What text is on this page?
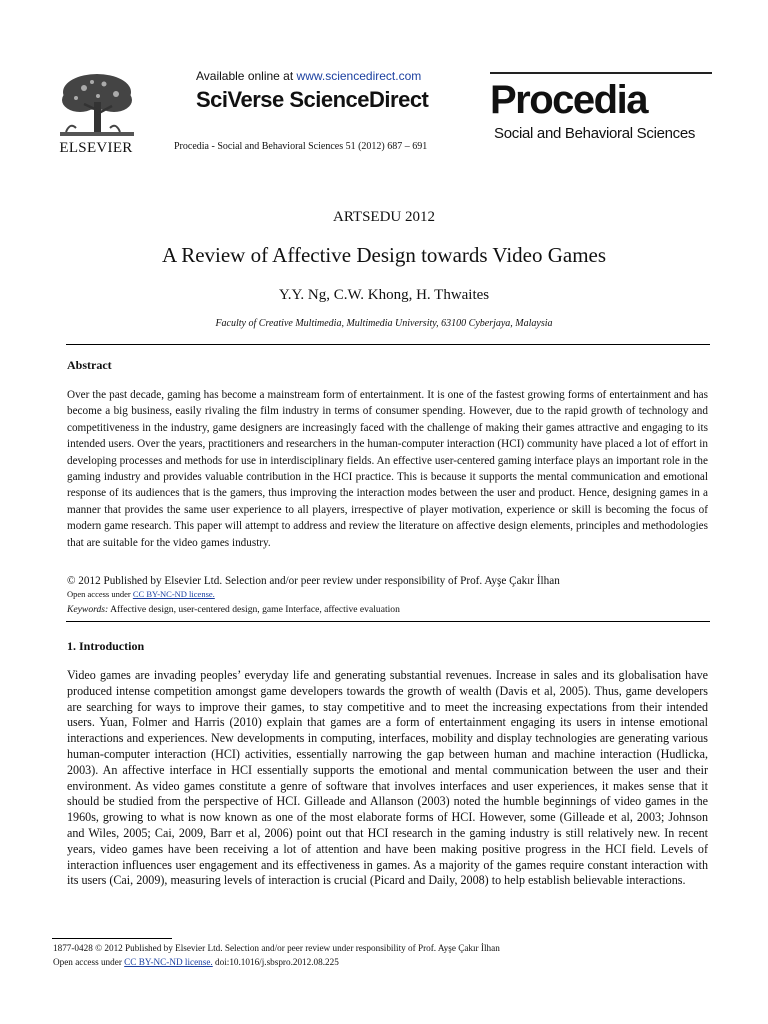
ELSEVIER
Available online at www.sciencedirect.com
SciVerse ScienceDirect
Procedia - Social and Behavioral Sciences 51 (2012) 687 – 691
Procedia
Social and Behavioral Sciences
ARTSEDU 2012
A Review of Affective Design towards Video Games
Y.Y. Ng, C.W. Khong, H. Thwaites
Faculty of Creative Multimedia, Multimedia University, 63100 Cyberjaya, Malaysia
Abstract
Over the past decade, gaming has become a mainstream form of entertainment. It is one of the fastest growing forms of entertainment and has become a big business, easily rivaling the film industry in terms of consumer spending. However, due to the rapid growth of technology and competitiveness in the industry, game designers are increasingly faced with the challenge of making their games attractive and engaging to its intended users. Over the years, practitioners and researchers in the human-computer interaction (HCI) community have placed a lot of effort in developing processes and methods for use in interdisciplinary fields. An effective user-centered gaming interface plays an important role in the gaming industry and provides valuable contribution in the HCI practice. This is because it supports the mental communication and emotional response of its audiences that is the gamers, thus improving the interaction modes between the user and product. Hence, designing games in a manner that provides the same user experience to all players, irrespective of player motivation, experience or skill is becoming the focus of modern game research. This paper will attempt to address and review the literature on affective design elements, principles and methodologies that are suitable for the video games industry.
© 2012 Published by Elsevier Ltd. Selection and/or peer review under responsibility of Prof. Ayşe Çakır İlhan
Open access under CC BY-NC-ND license.
Keywords: Affective design, user-centered design, game Interface, affective evaluation
1. Introduction
Video games are invading peoples’ everyday life and generating substantial revenues. Increase in sales and its globalisation have produced intense competition amongst game developers towards the growth of wealth (Davis et al, 2005). Thus, game developers are searching for ways to improve their games, to stay competitive and to meet the increasing expectations from their intended users. Yuan, Folmer and Harris (2010) explain that games are a form of entertainment engaging its users in intense emotional interactions and experiences. New developments in computing, interfaces, mobility and display technologies are generating various human-computer interaction (HCI) activities, essentially narrowing the gap between human and machine interaction (Hudlicka, 2003). An affective interface in HCI essentially supports the emotional and mental communication between the user and their environment. As video games constitute a genre of software that involves interfaces and user experiences, it makes sense that it should be studied from the perspective of HCI. Gilleade and Allanson (2003) noted the humble beginnings of video games in the 1960s, growing to what is now known as one of the most elaborate forms of HCI. However, some (Gilleade et al, 2003; Johnson and Wiles, 2005; Cai, 2009, Barr et al, 2006) point out that HCI research in the gaming industry is still relatively new. In recent years, video games have been receiving a lot of attention and have been making positive progress in the HCI field. Levels of interaction influences user engagement and its effectiveness in games. As a majority of the games require constant interaction with its users (Cai, 2009), measuring levels of interaction is crucial (Picard and Daily, 2008) to help establish believable interactions.
1877-0428 © 2012 Published by Elsevier Ltd. Selection and/or peer review under responsibility of Prof. Ayşe Çakır İlhan
Open access under CC BY-NC-ND license. doi:10.1016/j.sbspro.2012.08.225
